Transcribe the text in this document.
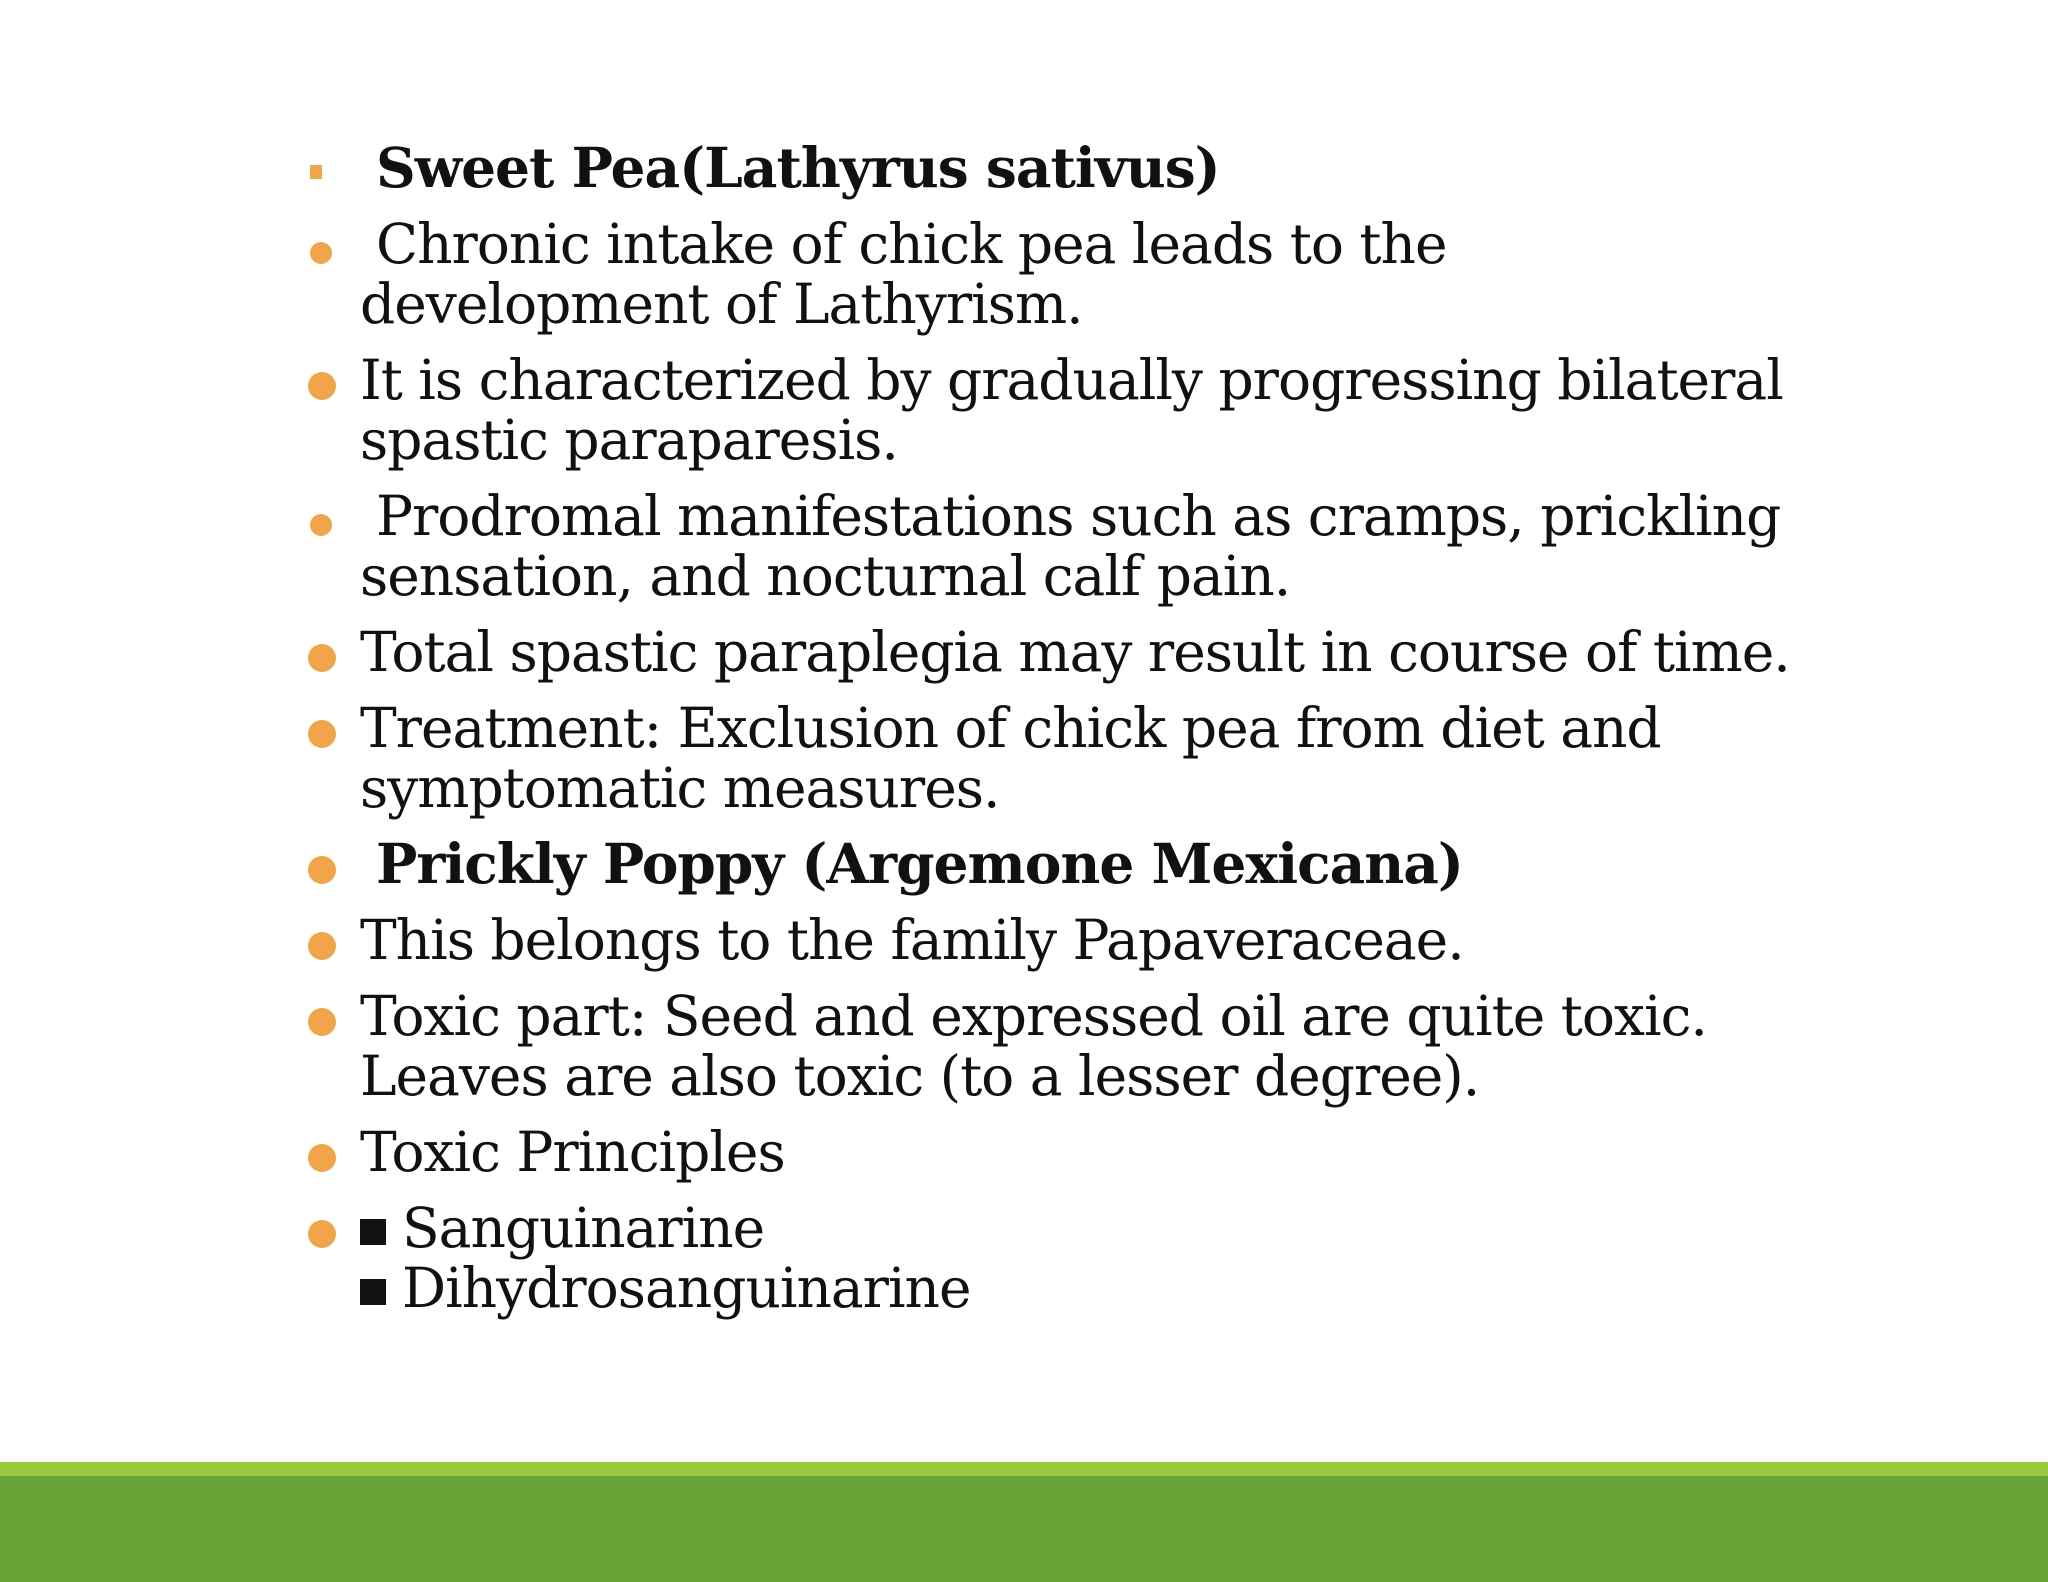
Sweet Pea(Lathyrus sativus)
Chronic intake of chick pea leads to the development of Lathyrism.
It is characterized by gradually progressing bilateral spastic paraparesis.
Prodromal manifestations such as cramps, prickling sensation, and nocturnal calf pain.
Total spastic paraplegia may result in course of time.
Treatment: Exclusion of chick pea from diet and symptomatic measures.
Prickly Poppy (Argemone Mexicana)
This belongs to the family Papaveraceae.
Toxic part: Seed and expressed oil are quite toxic. Leaves are also toxic (to a lesser degree).
Toxic Principles
Sanguinarine
Dihydrosanguinarine
